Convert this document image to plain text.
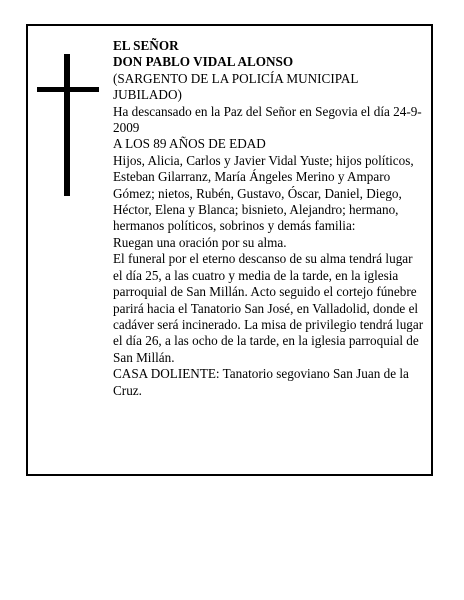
EL SEÑOR

DON PABLO VIDAL ALONSO

(SARGENTO DE LA POLICÍA MUNICIPAL JUBILADO)

Ha descansado en la Paz del Señor en Segovia el día 24-9-2009

A LOS 89 AÑOS DE EDAD

Hijos, Alicia, Carlos y Javier Vidal Yuste; hijos políticos, Esteban Gilarranz, María Ángeles Merino y Amparo Gómez; nietos, Rubén, Gustavo, Óscar, Daniel, Diego, Héctor, Elena y Blanca; bisnieto, Alejandro; hermano, hermanos políticos, sobrinos y demás familia:

Ruegan una oración por su alma.

El funeral por el eterno descanso de su alma tendrá lugar el día 25, a las cuatro y media de la tarde, en la iglesia parroquial de San Millán. Acto seguido el cortejo fúnebre parirá hacia el Tanatorio San José, en Valladolid, donde el cadáver será incinerado. La misa de privilegio tendrá lugar el día 26, a las ocho de la tarde, en la iglesia parroquial de San Millán.

CASA DOLIENTE: Tanatorio segoviano San Juan de la Cruz.
